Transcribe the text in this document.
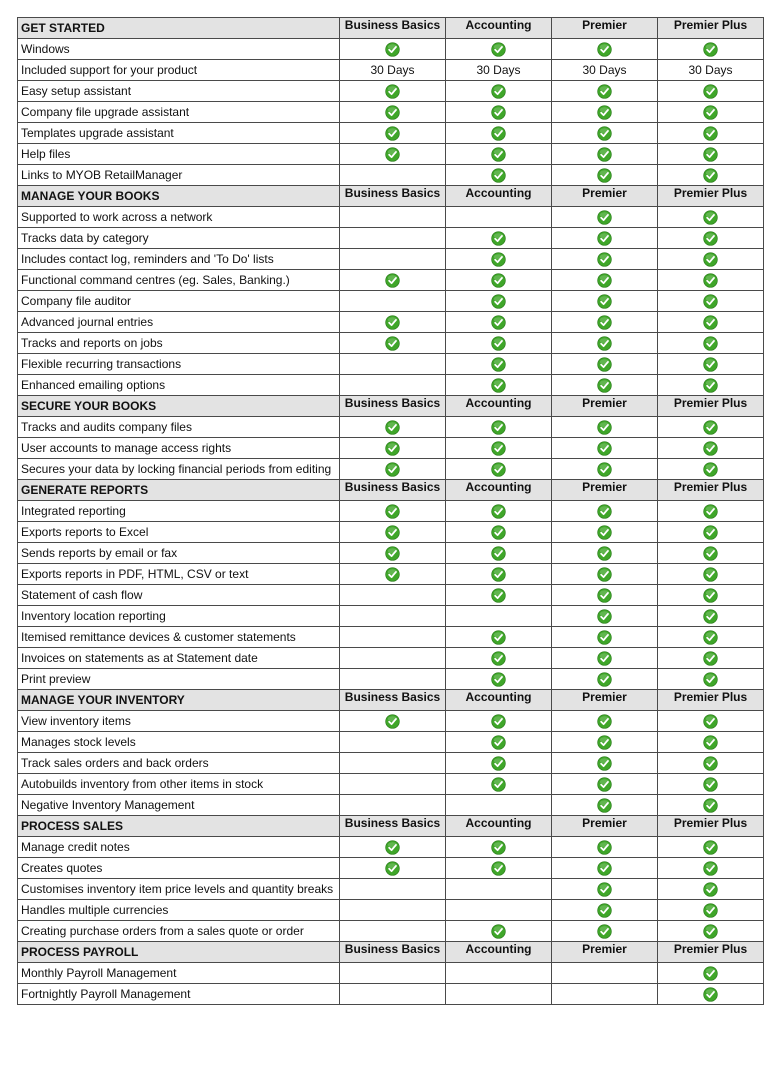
GET STARTED	Business Basics	Accounting	Premier	Premier Plus
Windows				
Included support for your product	30 Days	30 Days	30 Days	30 Days
Easy setup assistant				
Company file upgrade assistant				
Templates upgrade assistant				
Help files				
Links to MYOB RetailManager				
MANAGE YOUR BOOKS	Business Basics	Accounting	Premier	Premier Plus
Supported to work across a network				
Tracks data by category				
Includes contact log, reminders and 'To Do' lists				
Functional command centres (eg. Sales, Banking.)				
Company file auditor				
Advanced journal entries				
Tracks and reports on jobs				
Flexible recurring transactions				
Enhanced emailing options				
SECURE YOUR BOOKS	Business Basics	Accounting	Premier	Premier Plus
Tracks and audits company files				
User accounts to manage access rights				
Secures your data by locking financial periods from editing				
GENERATE REPORTS	Business Basics	Accounting	Premier	Premier Plus
Integrated reporting				
Exports reports to Excel				
Sends reports by email or fax				
Exports reports in PDF, HTML, CSV or text				
Statement of cash flow				
Inventory location reporting				
Itemised remittance devices & customer statements				
Invoices on statements as at Statement date				
Print preview				
MANAGE YOUR INVENTORY	Business Basics	Accounting	Premier	Premier Plus
View inventory items				
Manages stock levels				
Track sales orders and back orders				
Autobuilds inventory from other items in stock				
Negative Inventory Management				
PROCESS SALES	Business Basics	Accounting	Premier	Premier Plus
Manage credit notes				
Creates quotes				
Customises inventory item price levels and quantity breaks				
Handles multiple currencies				
Creating purchase orders from a sales quote or order				
PROCESS PAYROLL	Business Basics	Accounting	Premier	Premier Plus
Monthly Payroll Management				
Fortnightly Payroll Management				
